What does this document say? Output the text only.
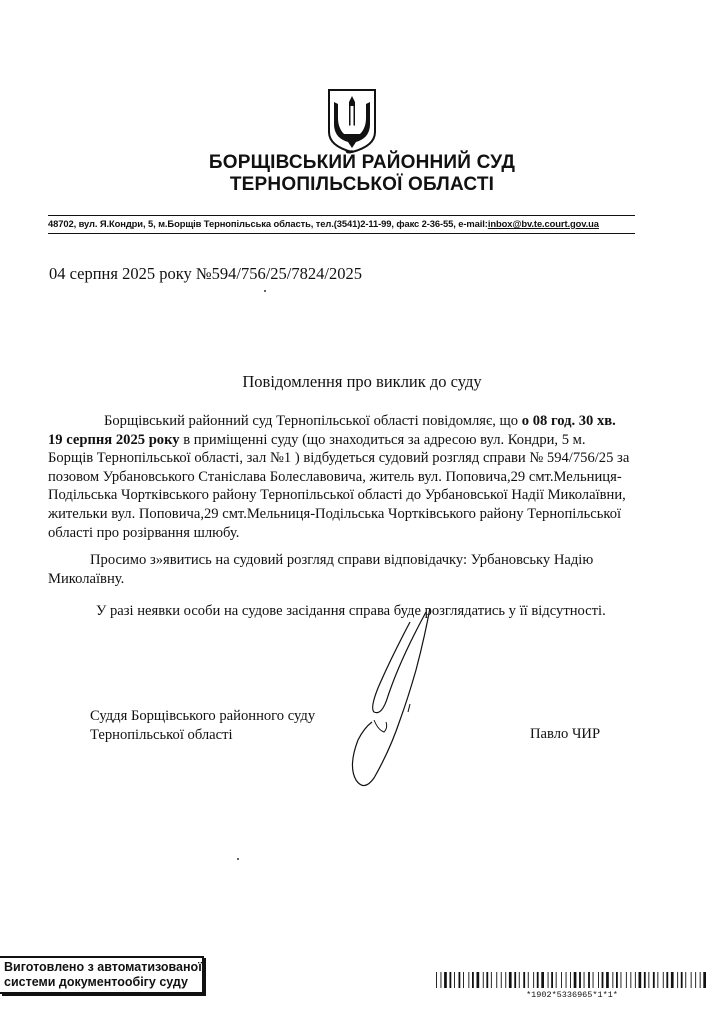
БОРЩІВСЬКИЙ РАЙОННИЙ СУД
ТЕРНОПІЛЬСЬКОЇ ОБЛАСТІ
48702, вул. Я.Кондри, 5, м.Борщів Тернопільська область, тел.(3541)2-11-99, факс 2-36-55, e-mail:inbox@bv.te.court.gov.ua
04 серпня 2025 року №594/756/25/7824/2025
Повідомлення про виклик до суду
Борщівський районний суд Тернопільської області повідомляє, що о 08 год. 30 хв.
19 серпня 2025 року в приміщенні суду (що знаходиться за адресою вул. Кондри, 5 м.
Борщів Тернопільської області, зал №1 ) відбудеться судовий розгляд справи № 594/756/25 за
позовом Урбановського Станіслава Болеславовича, житель вул. Поповича,29 смт.Мельниця-
Подільська Чортківського району Тернопільської області до Урбановської Надії Миколаївни,
жительки вул. Поповича,29 смт.Мельниця-Подільська Чортківського району Тернопільської
області про розірвання шлюбу.
Просимо з»явитись на судовий розгляд справи відповідачку: Урбановську Надію
Миколаївну.
У разі неявки особи на судове засідання справа буде розглядатись у її відсутності.
Суддя Борщівського районного суду
Тернопільської області	Павло ЧИР
Виготовлено з автоматизованої
системи документообігу суду
*1902*5336965*1*1*
